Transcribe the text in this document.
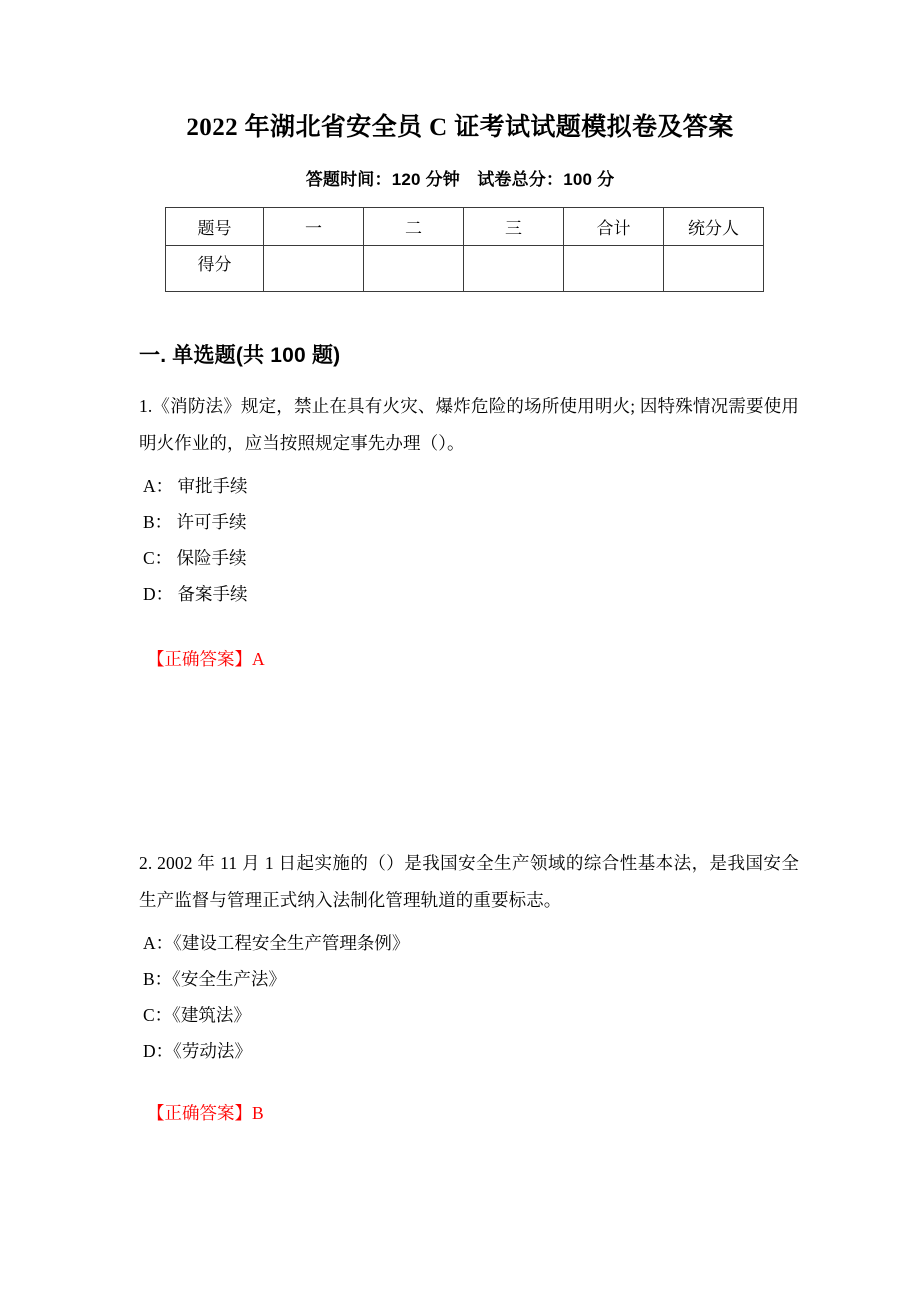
2022 年湖北省安全员 C 证考试试题模拟卷及答案
答题时间：120 分钟　试卷总分：100 分
题号	一	二	三	合计	统分人
得分					
一. 单选题(共 100 题)

1.《消防法》规定，禁止在具有火灾、爆炸危险的场所使用明火; 因特殊情况需要使用明火作业的，应当按照规定事先办理（）。

A： 审批手续
B： 许可手续
C： 保险手续
D： 备案手续

【正确答案】A

2. 2002 年 11 月 1 日起实施的（）是我国安全生产领域的综合性基本法，是我国安全生产监督与管理正式纳入法制化管理轨道的重要标志。

A：《建设工程安全生产管理条例》
B：《安全生产法》
C：《建筑法》
D：《劳动法》

【正确答案】B
